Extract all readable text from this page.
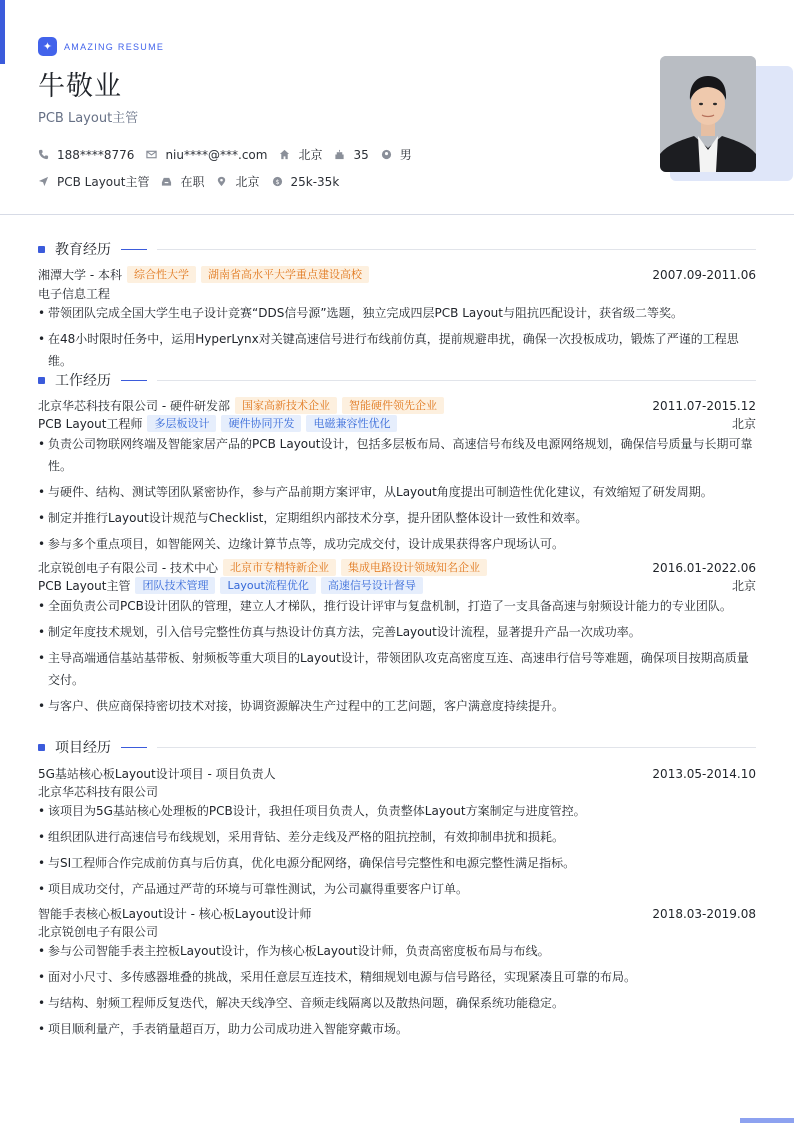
✦	AMAZING RESUME
牛敬业
PCB Layout主管
188****8776	niu****@***.com	北京	35	男
PCB Layout主管	在职	北京 $ 25k-35k
教育经历
湘潭大学 - 本科	综合性大学	湖南省高水平大学重点建设高校	2007.09-2011.06
电子信息工程
• 带领团队完成全国大学生电子设计竞赛“DDS信号源”选题，独立完成四层PCB Layout与阻抗匹配设计，获省级二等奖。
• 在48小时限时任务中，运用HyperLynx对关键高速信号进行布线前仿真，提前规避串扰，确保一次投板成功，锻炼了严谨的工程思维。
工作经历
北京华芯科技有限公司 - 硬件研发部	国家高新技术企业	智能硬件领先企业	2011.07-2015.12
PCB Layout工程师	多层板设计	硬件协同开发	电磁兼容性优化	北京
• 负责公司物联网终端及智能家居产品的PCB Layout设计，包括多层板布局、高速信号布线及电源网络规划，确保信号质量与长期可靠性。
• 与硬件、结构、测试等团队紧密协作，参与产品前期方案评审，从Layout角度提出可制造性优化建议，有效缩短了研发周期。
• 制定并推行Layout设计规范与Checklist，定期组织内部技术分享，提升团队整体设计一致性和效率。
• 参与多个重点项目，如智能网关、边缘计算节点等，成功完成交付，设计成果获得客户现场认可。
北京锐创电子有限公司 - 技术中心	北京市专精特新企业	集成电路设计领域知名企业	2016.01-2022.06
PCB Layout主管	团队技术管理	Layout流程优化	高速信号设计督导	北京
• 全面负责公司PCB设计团队的管理，建立人才梯队，推行设计评审与复盘机制，打造了一支具备高速与射频设计能力的专业团队。
• 制定年度技术规划，引入信号完整性仿真与热设计仿真方法，完善Layout设计流程，显著提升产品一次成功率。
• 主导高端通信基站基带板、射频板等重大项目的Layout设计，带领团队攻克高密度互连、高速串行信号等难题，确保项目按期高质量交付。
• 与客户、供应商保持密切技术对接，协调资源解决生产过程中的工艺问题，客户满意度持续提升。
项目经历
5G基站核心板Layout设计项目 - 项目负责人	2013.05-2014.10
北京华芯科技有限公司
• 该项目为5G基站核心处理板的PCB设计，我担任项目负责人，负责整体Layout方案制定与进度管控。
• 组织团队进行高速信号布线规划，采用背钻、差分走线及严格的阻抗控制，有效抑制串扰和损耗。
• 与SI工程师合作完成前仿真与后仿真，优化电源分配网络，确保信号完整性和电源完整性满足指标。
• 项目成功交付，产品通过严苛的环境与可靠性测试，为公司赢得重要客户订单。
智能手表核心板Layout设计 - 核心板Layout设计师	2018.03-2019.08
北京锐创电子有限公司
• 参与公司智能手表主控板Layout设计，作为核心板Layout设计师，负责高密度板布局与布线。
• 面对小尺寸、多传感器堆叠的挑战，采用任意层互连技术，精细规划电源与信号路径，实现紧凑且可靠的布局。
• 与结构、射频工程师反复迭代，解决天线净空、音频走线隔离以及散热问题，确保系统功能稳定。
• 项目顺利量产，手表销量超百万，助力公司成功进入智能穿戴市场。
